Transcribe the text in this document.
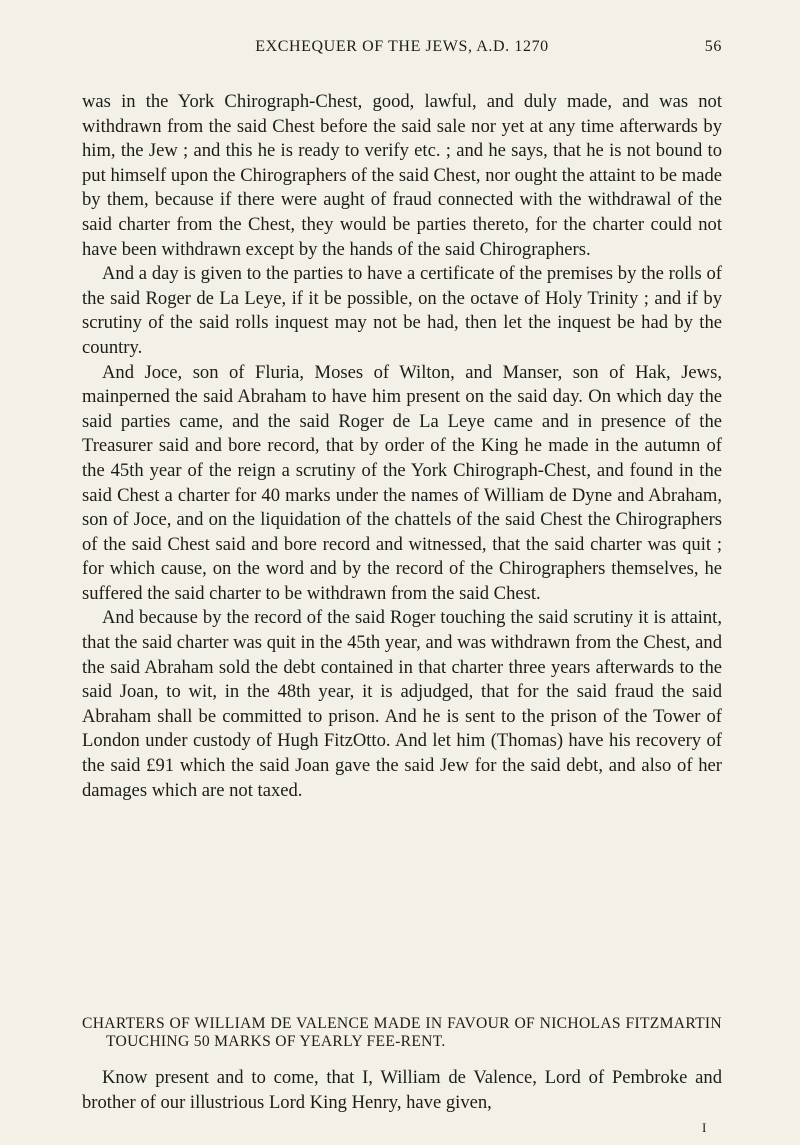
EXCHEQUER OF THE JEWS, A.D. 1270	56

was in the York Chirograph-Chest, good, lawful, and duly made, and was not withdrawn from the said Chest before the said sale nor yet at any time afterwards by him, the Jew ; and this he is ready to verify etc. ; and he says, that he is not bound to put himself upon the Chirographers of the said Chest, nor ought the attaint to be made by them, because if there were aught of fraud connected with the withdrawal of the said charter from the Chest, they would be parties thereto, for the charter could not have been withdrawn except by the hands of the said Chirographers.

And a day is given to the parties to have a certificate of the premises by the rolls of the said Roger de La Leye, if it be possible, on the octave of Holy Trinity ; and if by scrutiny of the said rolls inquest may not be had, then let the inquest be had by the country.

And Joce, son of Fluria, Moses of Wilton, and Manser, son of Hak, Jews, mainperned the said Abraham to have him present on the said day. On which day the said parties came, and the said Roger de La Leye came and in presence of the Treasurer said and bore record, that by order of the King he made in the autumn of the 45th year of the reign a scrutiny of the York Chirograph-Chest, and found in the said Chest a charter for 40 marks under the names of William de Dyne and Abraham, son of Joce, and on the liquidation of the chattels of the said Chest the Chirographers of the said Chest said and bore record and witnessed, that the said charter was quit ; for which cause, on the word and by the record of the Chirographers themselves, he suffered the said charter to be withdrawn from the said Chest.

And because by the record of the said Roger touching the said scrutiny it is attaint, that the said charter was quit in the 45th year, and was withdrawn from the Chest, and the said Abraham sold the debt contained in that charter three years afterwards to the said Joan, to wit, in the 48th year, it is adjudged, that for the said fraud the said Abraham shall be committed to prison. And he is sent to the prison of the Tower of London under custody of Hugh FitzOtto. And let him (Thomas) have his recovery of the said £91 which the said Joan gave the said Jew for the said debt, and also of her damages which are not taxed.

CHARTERS OF WILLIAM DE VALENCE MADE IN FAVOUR OF NICHOLAS FITZMARTIN TOUCHING 50 MARKS OF YEARLY FEE-RENT.

Know present and to come, that I, William de Valence, Lord of Pembroke and brother of our illustrious Lord King Henry, have given,

I
